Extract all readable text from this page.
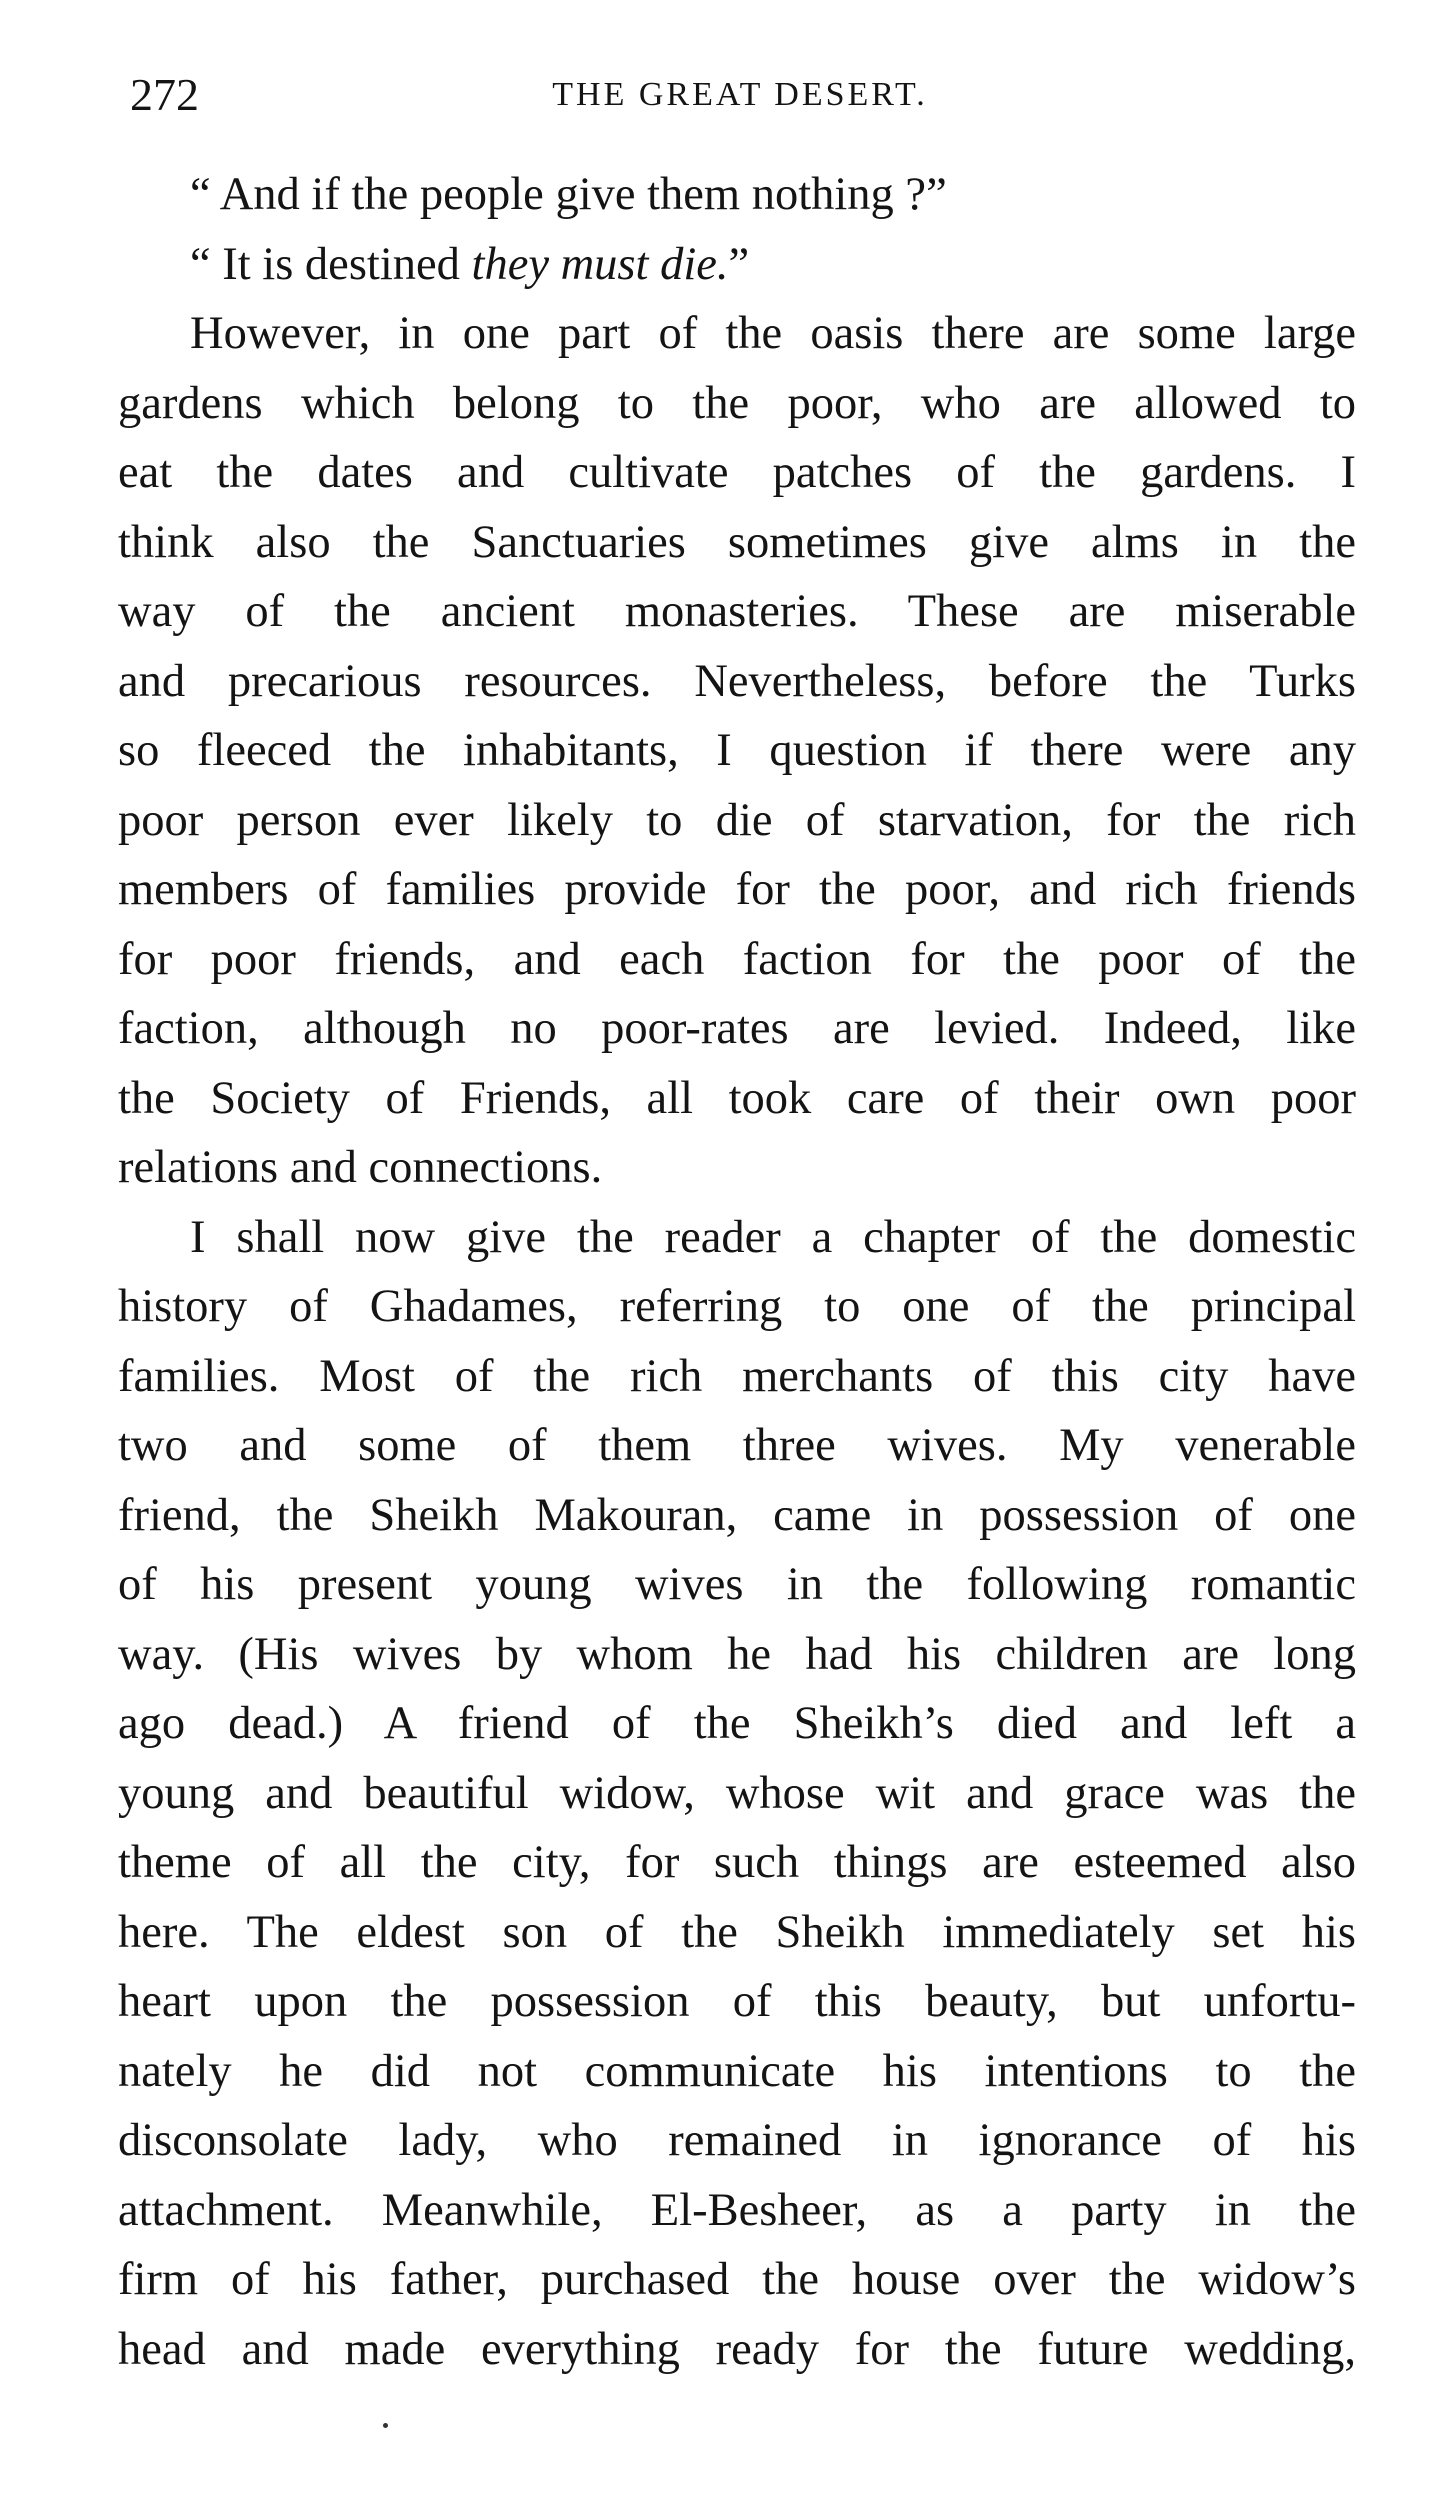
272	THE GREAT DESERT.
“ And if the people give them nothing ?”
“ It is destined they must die.”
However, in one part of the oasis there are some large
gardens which belong to the poor, who are allowed to
eat the dates and cultivate patches of the gardens. I
think also the Sanctuaries sometimes give alms in the
way of the ancient monasteries. These are miserable
and precarious resources. Nevertheless, before the Turks
so fleeced the inhabitants, I question if there were any
poor person ever likely to die of starvation, for the rich
members of families provide for the poor, and rich friends
for poor friends, and each faction for the poor of the
faction, although no poor-rates are levied. Indeed, like
the Society of Friends, all took care of their own poor
relations and connections.
I shall now give the reader a chapter of the domestic
history of Ghadames, referring to one of the principal
families. Most of the rich merchants of this city have
two and some of them three wives. My venerable
friend, the Sheikh Makouran, came in possession of one
of his present young wives in the following romantic
way. (His wives by whom he had his children are long
ago dead.) A friend of the Sheikh’s died and left a
young and beautiful widow, whose wit and grace was the
theme of all the city, for such things are esteemed also
here. The eldest son of the Sheikh immediately set his
heart upon the possession of this beauty, but unfortu-
nately he did not communicate his intentions to the
disconsolate lady, who remained in ignorance of his
attachment. Meanwhile, El-Besheer, as a party in the
firm of his father, purchased the house over the widow’s
head and made everything ready for the future wedding,
